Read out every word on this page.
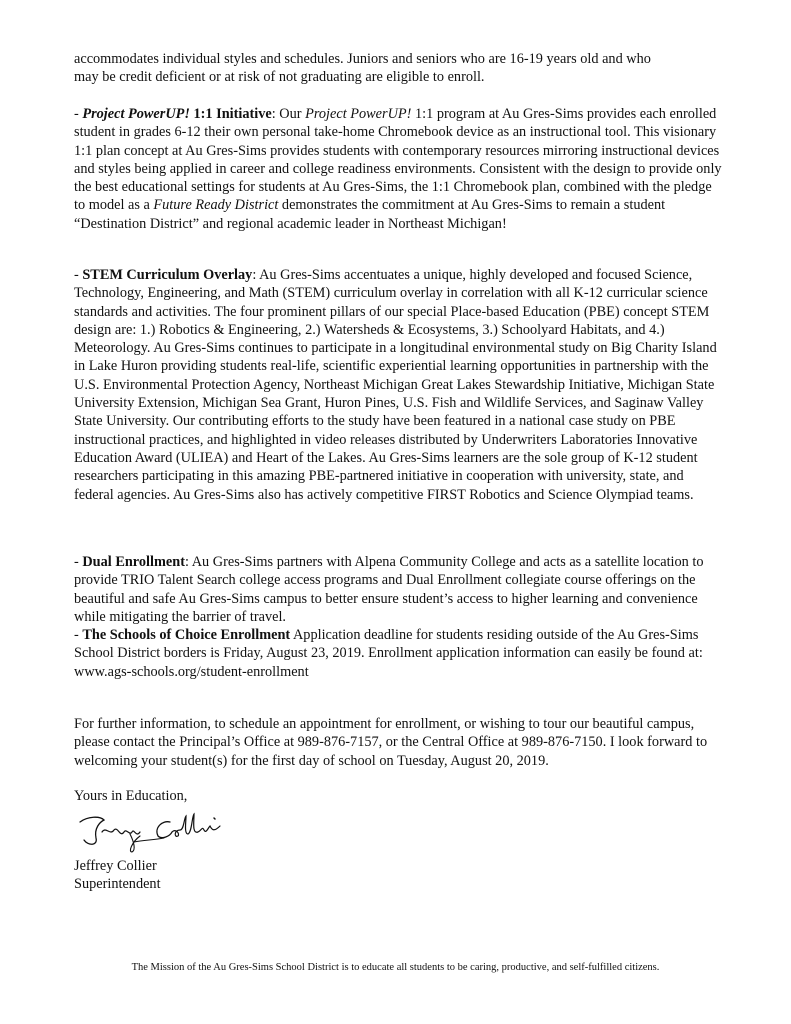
accommodates individual styles and schedules. Juniors and seniors who are 16-19 years old and who
may be credit deficient or at risk of not graduating are eligible to enroll.

- Project PowerUP! 1:1 Initiative: Our Project PowerUP! 1:1 program at Au Gres-Sims provides each enrolled student in grades 6-12 their own personal take-home Chromebook device as an instructional tool. This visionary 1:1 plan concept at Au Gres-Sims provides students with contemporary resources mirroring instructional devices and styles being applied in career and college readiness environments. Consistent with the design to provide only the best educational settings for students at Au Gres-Sims, the 1:1 Chromebook plan, combined with the pledge to model as a Future Ready District demonstrates the commitment at Au Gres-Sims to remain a student “Destination District” and regional academic leader in Northeast Michigan!

- STEM Curriculum Overlay: Au Gres-Sims accentuates a unique, highly developed and focused Science, Technology, Engineering, and Math (STEM) curriculum overlay in correlation with all K-12 curricular science standards and activities. The four prominent pillars of our special Place-based Education (PBE) concept STEM design are: 1.) Robotics & Engineering, 2.) Watersheds & Ecosystems, 3.) Schoolyard Habitats, and 4.) Meteorology. Au Gres-Sims continues to participate in a longitudinal environmental study on Big Charity Island in Lake Huron providing students real-life, scientific experiential learning opportunities in partnership with the U.S. Environmental Protection Agency, Northeast Michigan Great Lakes Stewardship Initiative, Michigan State University Extension, Michigan Sea Grant, Huron Pines, U.S. Fish and Wildlife Services, and Saginaw Valley State University. Our contributing efforts to the study have been featured in a national case study on PBE instructional practices, and highlighted in video releases distributed by Underwriters Laboratories Innovative Education Award (ULIEA) and Heart of the Lakes. Au Gres-Sims learners are the sole group of K-12 student researchers participating in this amazing PBE-partnered initiative in cooperation with university, state, and federal agencies. Au Gres-Sims also has actively competitive FIRST Robotics and Science Olympiad teams.

- Dual Enrollment: Au Gres-Sims partners with Alpena Community College and acts as a satellite location to provide TRIO Talent Search college access programs and Dual Enrollment collegiate course offerings on the beautiful and safe Au Gres-Sims campus to better ensure student’s access to higher learning and convenience while mitigating the barrier of travel.

- The Schools of Choice Enrollment Application deadline for students residing outside of the Au Gres-Sims School District borders is Friday, August 23, 2019. Enrollment application information can easily be found at: www.ags-schools.org/student-enrollment

For further information, to schedule an appointment for enrollment, or wishing to tour our beautiful campus, please contact the Principal’s Office at 989-876-7157, or the Central Office at 989-876-7150. I look forward to welcoming your student(s) for the first day of school on Tuesday, August 20, 2019.

Yours in Education,

Jeffrey Collier
Superintendent

The Mission of the Au Gres-Sims School District is to educate all students to be caring, productive, and self-fulfilled citizens.
